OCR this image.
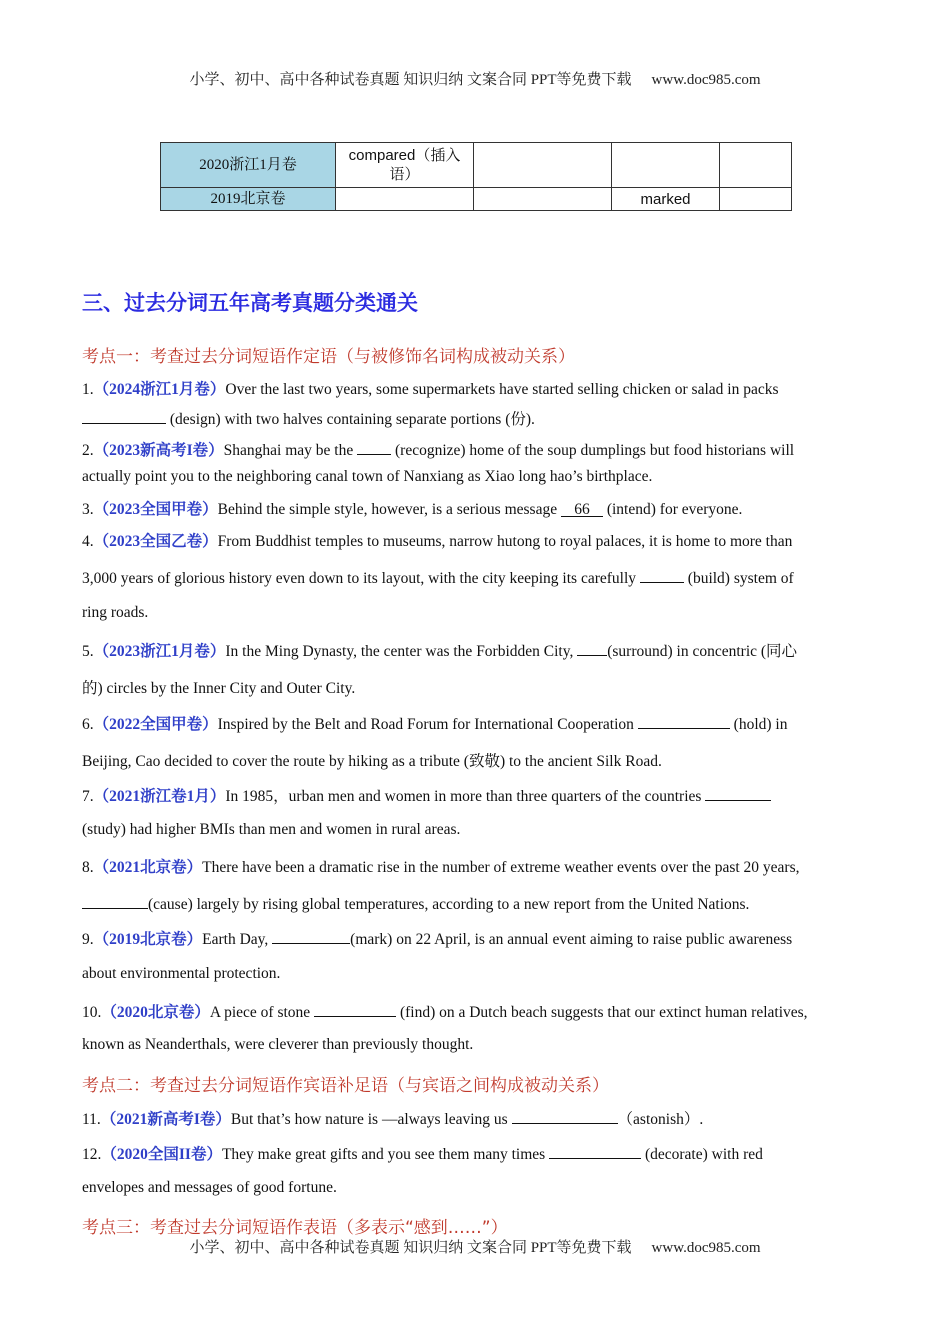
小学、初中、高中各种试卷真题 知识归纳 文案合同 PPT等免费下载 www.doc985.com
2020浙江1月卷	compared（插入语）			
2019北京卷			marked	
三、过去分词五年高考真题分类通关
考点一：考查过去分词短语作定语（与被修饰名词构成被动关系）
1.（2024浙江1月卷）Over the last two years, some supermarkets have started selling chicken or salad in packs
(design) with two halves containing separate portions (份).
2.（2023新高考I卷）Shanghai may be the	(recognize) home of the soup dumplings but food historians will
actually point you to the neighboring canal town of Nanxiang as Xiao long hao’s birthplace.
3.（2023全国甲卷）Behind the simple style, however, is a serious message 66 (intend) for everyone.
4.（2023全国乙卷）From Buddhist temples to museums, narrow hutong to royal palaces, it is home to more than
3,000 years of glorious history even down to its layout, with the city keeping its carefully	(build) system of
ring roads.
5.（2023浙江1月卷）In the Ming Dynasty, the center was the Forbidden City, (surround) in concentric (同心
的) circles by the Inner City and Outer City.
6.（2022全国甲卷）Inspired by the Belt and Road Forum for International Cooperation	(hold) in
Beijing, Cao decided to cover the route by hiking as a tribute (致敬) to the ancient Silk Road.
7.（2021浙江卷1月）In 1985，urban men and women in more than three quarters of the countries
(study) had higher BMIs than men and women in rural areas.
8.（2021北京卷）There have been a dramatic rise in the number of extreme weather events over the past 20 years,
(cause) largely by rising global temperatures, according to a new report from the United Nations.
9.（2019北京卷）Earth Day,	(mark) on 22 April, is an annual event aiming to raise public awareness
about environmental protection.
10.（2020北京卷）A piece of stone	(find) on a Dutch beach suggests that our extinct human relatives,
known as Neanderthals, were cleverer than previously thought.
考点二：考查过去分词短语作宾语补足语（与宾语之间构成被动关系）
11.（2021新高考I卷）But that’s how nature is —always leaving us	（astonish）.
12.（2020全国II卷）They make great gifts and you see them many times	(decorate) with red
envelopes and messages of good fortune.
考点三：考查过去分词短语作表语（多表示“感到……”）
小学、初中、高中各种试卷真题 知识归纳 文案合同 PPT等免费下载 www.doc985.com
